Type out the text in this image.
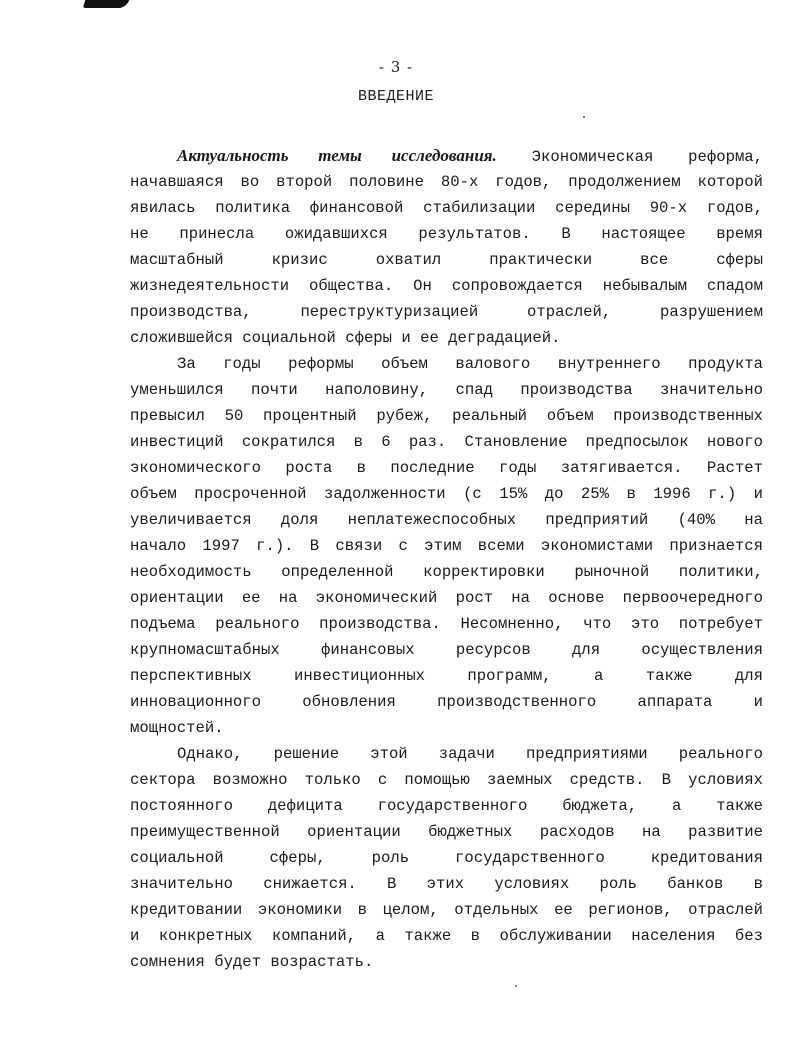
- 3 -
ВВЕДЕНИЕ
Актуальность темы исследования. Экономическая реформа,
начавшаяся во второй половине 80-х годов, продолжением которой
явилась политика финансовой стабилизации середины 90-х годов,
не принесла ожидавшихся результатов. В настоящее время
масштабный кризис охватил практически все сферы
жизнедеятельности общества. Он сопровождается небывалым спадом
производства, переструктуризацией отраслей, разрушением
сложившейся социальной сферы и ее деградацией.
За годы реформы объем валового внутреннего продукта
уменьшился почти наполовину, спад производства значительно
превысил 50 процентный рубеж, реальный объем производственных
инвестиций сократился в 6 раз. Становление предпосылок нового
экономического роста в последние годы затягивается. Растет
объем просроченной задолженности (с 15% до 25% в 1996 г.) и
увеличивается доля неплатежеспособных предприятий (40% на
начало 1997 г.). В связи с этим всеми экономистами признается
необходимость определенной корректировки рыночной политики,
ориентации ее на экономический рост на основе первоочередного
подъема реального производства. Несомненно, что это потребует
крупномасштабных финансовых ресурсов для осуществления
перспективных инвестиционных программ, а также для
инновационного обновления производственного аппарата и
мощностей.
Однако, решение этой задачи предприятиями реального
сектора возможно только с помощью заемных средств. В условиях
постоянного дефицита государственного бюджета, а также
преимущественной ориентации бюджетных расходов на развитие
социальной сферы, роль государственного кредитования
значительно снижается. В этих условиях роль банков в
кредитовании экономики в целом, отдельных ее регионов, отраслей
и конкретных компаний, а также в обслуживании населения без
сомнения будет возрастать.
